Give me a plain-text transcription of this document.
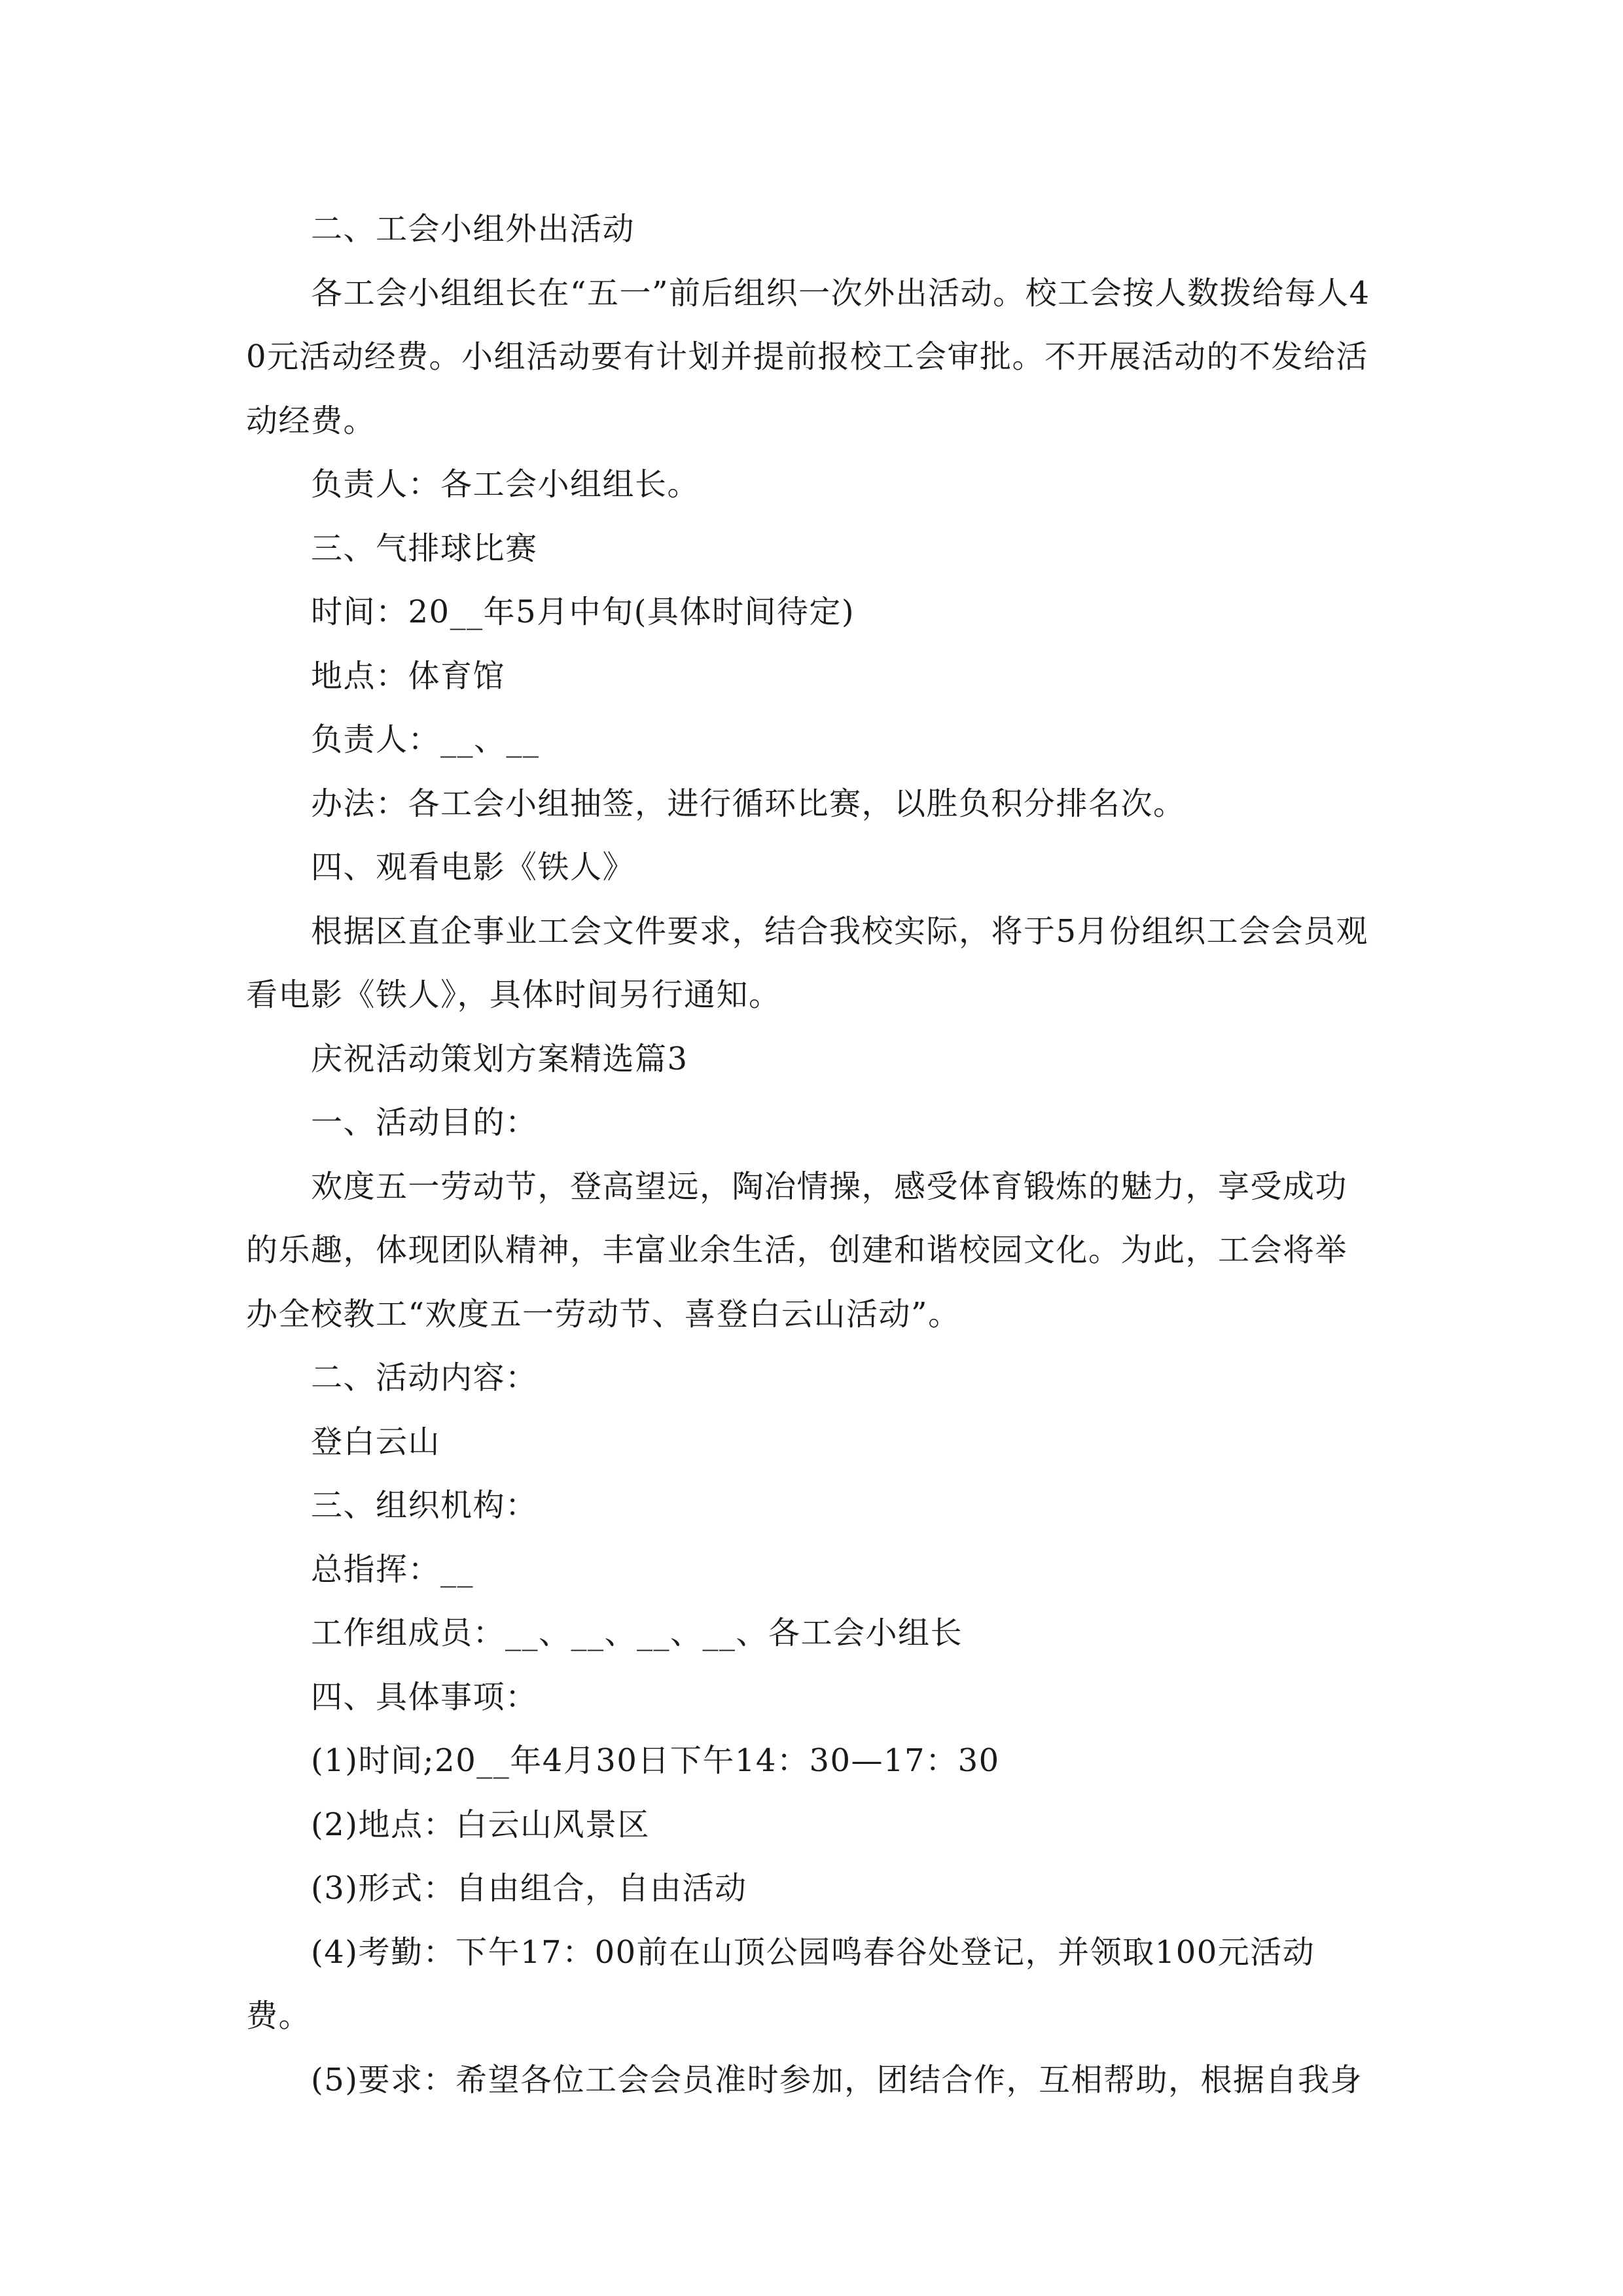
二、工会小组外出活动

各工会小组组长在“五一”前后组织一次外出活动。校工会按人数拨给每人40元活动经费。小组活动要有计划并提前报校工会审批。不开展活动的不发给活动经费。

负责人：各工会小组组长。

三、气排球比赛

时间：20__年5月中旬(具体时间待定)

地点：体育馆

负责人：__、__

办法：各工会小组抽签，进行循环比赛，以胜负积分排名次。

四、观看电影《铁人》

根据区直企事业工会文件要求，结合我校实际，将于5月份组织工会会员观看电影《铁人》，具体时间另行通知。

庆祝活动策划方案精选篇3

一、活动目的：

欢度五一劳动节，登高望远，陶冶情操，感受体育锻炼的魅力，享受成功的乐趣，体现团队精神，丰富业余生活，创建和谐校园文化。为此，工会将举办全校教工“欢度五一劳动节、喜登白云山活动”。

二、活动内容：

登白云山

三、组织机构：

总指挥：__

工作组成员：__、__、__、__、各工会小组长

四、具体事项：

(1)时间;20__年4月30日下午14：30—17：30

(2)地点：白云山风景区

(3)形式：自由组合，自由活动

(4)考勤：下午17：00前在山顶公园鸣春谷处登记，并领取100元活动费。

(5)要求：希望各位工会会员准时参加，团结合作，互相帮助，根据自我身
